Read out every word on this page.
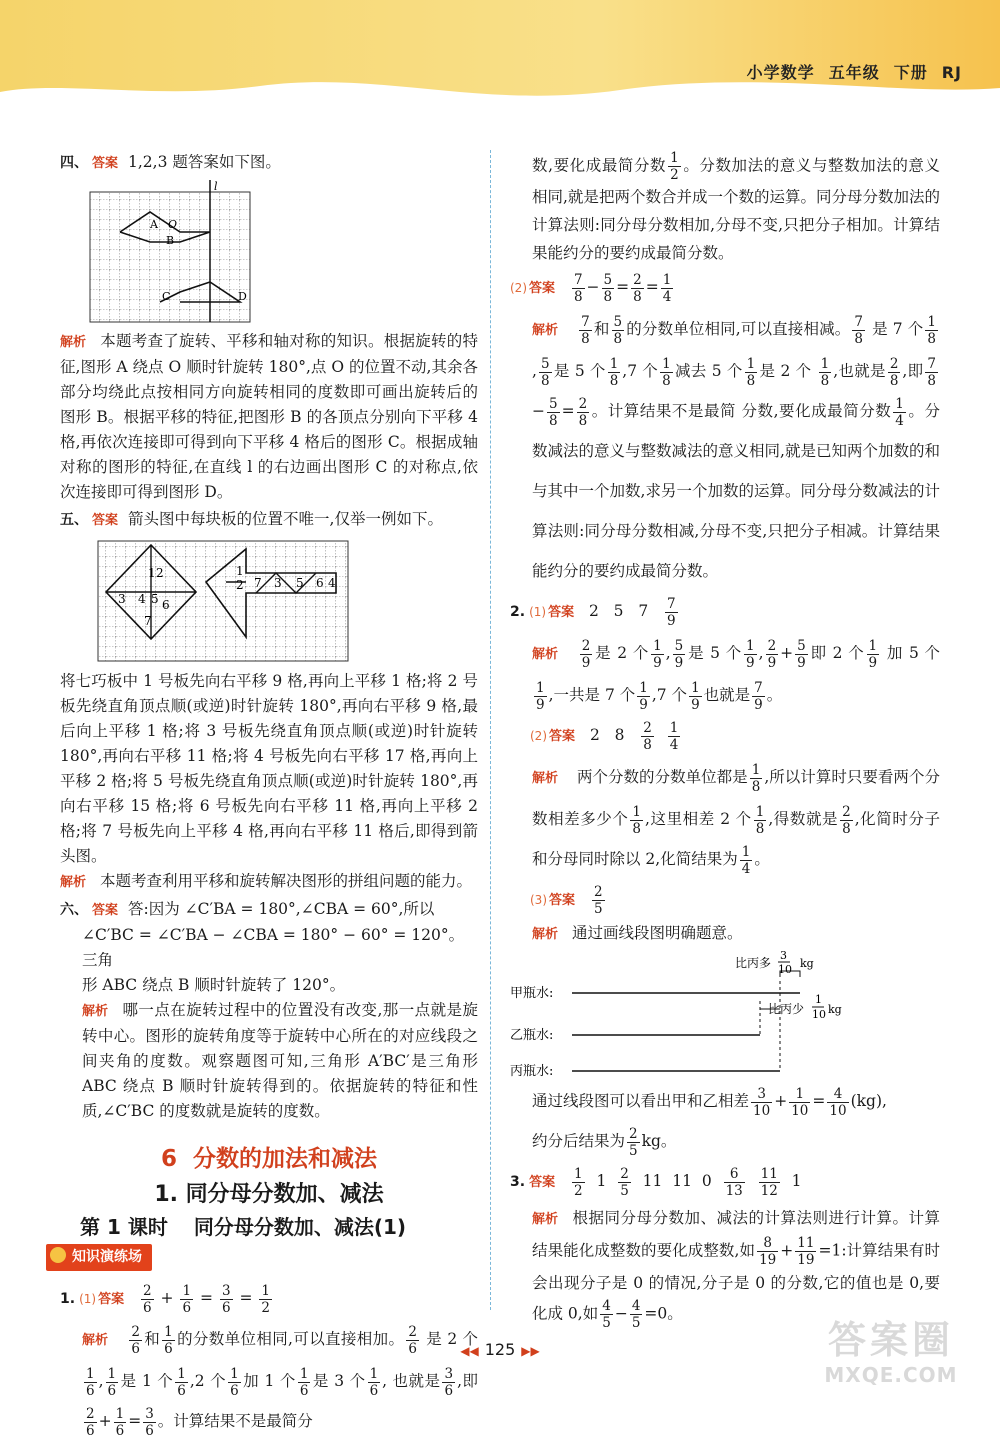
小学数学 五年级 下册 RJ
四、 答案 1,2,3 题答案如下图。
l
A O
B
C	D
解析 本题考查了旋转、平移和轴对称的知识。根据旋转的特征,图形 A 绕点 O 顺时针旋转 180°,点 O 的位置不动,其余各部分均绕此点按相同方向旋转相同的度数即可画出旋转后的图形 B。根据平移的特征,把图形 B 的各顶点分别向下平移 4 格,再依次连接即可得到向下平移 4 格后的图形 C。根据成轴对称的图形的特征,在直线 l 的右边画出图形 C 的对称点,依次连接即可得到图形 D。
五、 答案 箭头图中每块板的位置不唯一,仅举一例如下。
1 2
3 4 5 6
7
1
2 7 3 5 6 4
将七巧板中 1 号板先向右平移 9 格,再向上平移 1 格;将 2 号板先绕直角顶点顺(或逆)时针旋转 180°,再向右平移 9 格,最后向上平移 1 格;将 3 号板先绕直角顶点顺(或逆)时针旋转 180°,再向右平移 11 格;将 4 号板先向右平移 17 格,再向上平移 2 格;将 5 号板先绕直角顶点顺(或逆)时针旋转 180°,再向右平移 15 格;将 6 号板先向右平移 11 格,再向上平移 2 格;将 7 号板先向上平移 4 格,再向右平移 11 格后,即得到箭头图。
解析 本题考查利用平移和旋转解决图形的拼组问题的能力。
六、 答案 答:因为 ∠C′BA = 180°,∠CBA = 60°,所以
∠C′BC = ∠C′BA − ∠CBA = 180° − 60° = 120°。三角
形 ABC 绕点 B 顺时针旋转了 120°。
解析 哪一点在旋转过程中的位置没有改变,那一点就是旋转中心。图形的旋转角度等于旋转中心所在的对应线段之间夹角的度数。观察题图可知,三角形 A′BC′是三角形 ABC 绕点 B 顺时针旋转得到的。依据旋转的特征和性质,∠C′BC 的度数就是旋转的度数。
6 分数的加法和减法
1. 同分母分数加、减法
第 1 课时 同分母分数加、减法(1)
知识演练场
1. (1) 答案 $\frac{2}{6} + \frac{1}{6} = \frac{3}{6} = \frac{1}{2}$
解析 $\frac{2}{6}$ 和 $\frac{1}{6}$ 的分数单位相同,可以直接相加。 $\frac{2}{6}$ 是 2 个
$\frac{1}{6}$ , $\frac{1}{6}$ 是 1 个 $\frac{1}{6} ,2$ 个 $\frac{1}{6}$ 加 1 个 $\frac{1}{6}$ 是 3 个 $\frac{1}{6}$ , 也就是 $\frac{3}{6}$ ,即
$\frac{2}{6} + \frac{1}{6} = \frac{3}{6}$ 。计算结果不是最简分
数,要化成最简分数 $\frac{1}{2}$ 。分数加法的意义与整数加法的意义相同,就是把两个数合并成一个数的运算。同分母分数加法的计算法则:同分母分数相加,分母不变,只把分子相加。计算结果能约分的要约成最简分数。
(2) 答案 $\frac{7}{8} - \frac{5}{8} = \frac{2}{8} = \frac{1}{4}$
解析 $\frac{7}{8}$ 和 $\frac{5}{8}$ 的分数单位相同,可以直接相减。 $\frac{7}{8}$ 是 7 个 $\frac{1}{8}$
, $\frac{5}{8}$ 是 5 个 $\frac{1}{8} ,7$ 个 $\frac{1}{8}$ 减去 5 个 $\frac{1}{8}$ 是 2 个 $\frac{1}{8}$ ,也就是 $\frac{2}{8}$ ,即 $\frac{7}{8}$
− $\frac{5}{8} = \frac{2}{8}$ 。计算结果不是最简 分数,要化成最简分数 $\frac{1}{4}$ 。分数减法的意义与整数减法的意义相同,就是已知两个加数的和与其中一个加数,求另一个加数的运算。同分母分数减法的计算法则:同分母分数相减,分母不变,只把分子相减。计算结果能约分的要约成最简分数。
2. (1) 答案 2 5 $7 \frac{7}{9}$
解析 $\frac{2}{9}$ 是 2 个 $\frac{1}{9}$ , $\frac{5}{9}$ 是 5 个 $\frac{1}{9}$ , $\frac{2}{9} + \frac{5}{9}$ 即 2 个 $\frac{1}{9}$ 加 5 个
$\frac{1}{9}$ ,一共是 7 个 $\frac{1}{9} ,7$ 个 $\frac{1}{9}$ 也就是 $\frac{7}{9}$ 。
(2) 答案 2 $8 \frac{2}{8}$
$\frac{1}{4}$
解析 两个分数的分数单位都是 $\frac{1}{8}$ ,所以计算时只要看两个分数相差多少个 $\frac{1}{8}$ ,这里相差 2 个 $\frac{1}{8}$ ,得数就是 $\frac{2}{8}$ ,化简时分子和分母同时除以 2,化简结果为 $\frac{1}{4}$ 。
(3) 答案 $\frac{2}{5}$
解析 通过画线段图明确题意。
甲瓶水:
乙瓶水:
丙瓶水:
比丙多
3
10 kg
比丙少
1
10 kg
通过线段图可以看出甲和乙相差 $\frac{3}{10} + \frac{1}{10} = \frac{4}{10} (kg)$,
约分后结果为 $\frac{2}{5}$ kg。
3. 答案 $\frac{1}{2} 1 \frac{2}{5} 11$ 11 $0 \frac{6}{13}$
$\frac{11}{12} 1$
解析 根据同分母分数加、减法的计算法则进行计算。计算结果能化成整数的要化成整数,如 $\frac{8}{19} + \frac{11}{19} =1$:计算结果有时会出现分子是 0 的情况,分子是 0 的分数,它的值也是 0,要化成 0,如 $\frac{4}{5} - \frac{4}{5} =0$。
◀◀ 125 ▶▶	答案圈
MXQE.COM
